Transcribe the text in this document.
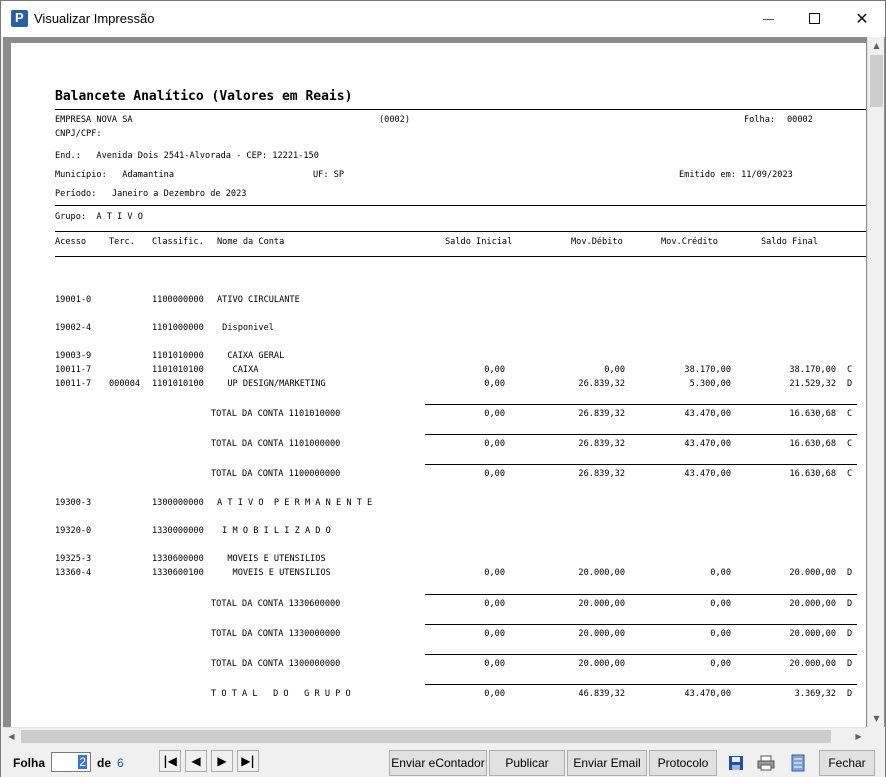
P
Visualizar Impressão	✕
Balancete Analítico (Valores em Reais)
EMPRESA NOVA SA	(0002)	Folha: 00002
CNPJ/CPF:
End.:   Avenida Dois 2541-Alvorada - CEP: 12221-150
Município:   Adamantina	UF: SP	Emitido em: 11/09/2023
Período:   Janeiro a Dezembro de 2023
Grupo:  A T I V O
Acesso	Terc. Classific. Nome da Conta	Saldo Inicial	Mov.Débito	Mov.Crédito	Saldo Final
19001-0	1100000000 ATIVO CIRCULANTE
19002-4	1101000000 Disponivel
19003-9	1101010000 CAIXA GERAL
10011-7	1101010100 CAIXA	0,00	0,00	38.170,00	38.170,00 C
10011-7 000004 1101010100 UP DESIGN/MARKETING	0,00	26.839,32	5.300,00	21.529,32 D
TOTAL DA CONTA 1101010000	0,00	26.839,32	43.470,00	16.630,68 C
TOTAL DA CONTA 1101000000	0,00	26.839,32	43.470,00	16.630,68 C
TOTAL DA CONTA 1100000000	0,00	26.839,32	43.470,00	16.630,68 C
19300-3	1300000000 A T I V O  P E R M A N E N T E
19320-0	1330000000 I M O B I L I Z A D O
19325-3	1330600000 MOVEIS E UTENSILIOS
13360-4	1330600100 MOVEIS E UTENSILIOS	0,00	20.000,00	0,00	20.000,00 D
TOTAL DA CONTA 1330600000	0,00	20.000,00	0,00	20.000,00 D
TOTAL DA CONTA 1330000000	0,00	20.000,00	0,00	20.000,00 D
TOTAL DA CONTA 1300000000	0,00	20.000,00	0,00	20.000,00 D
T O T A L   D O   G R U P O	0,00	46.839,32	43.470,00	3.369,32 D
▲
▼
◀	▶
Folha	2 de 6	|◀	◀	▶	▶|	Enviar eContador	Publicar	Enviar Email	Protocolo	Fechar
